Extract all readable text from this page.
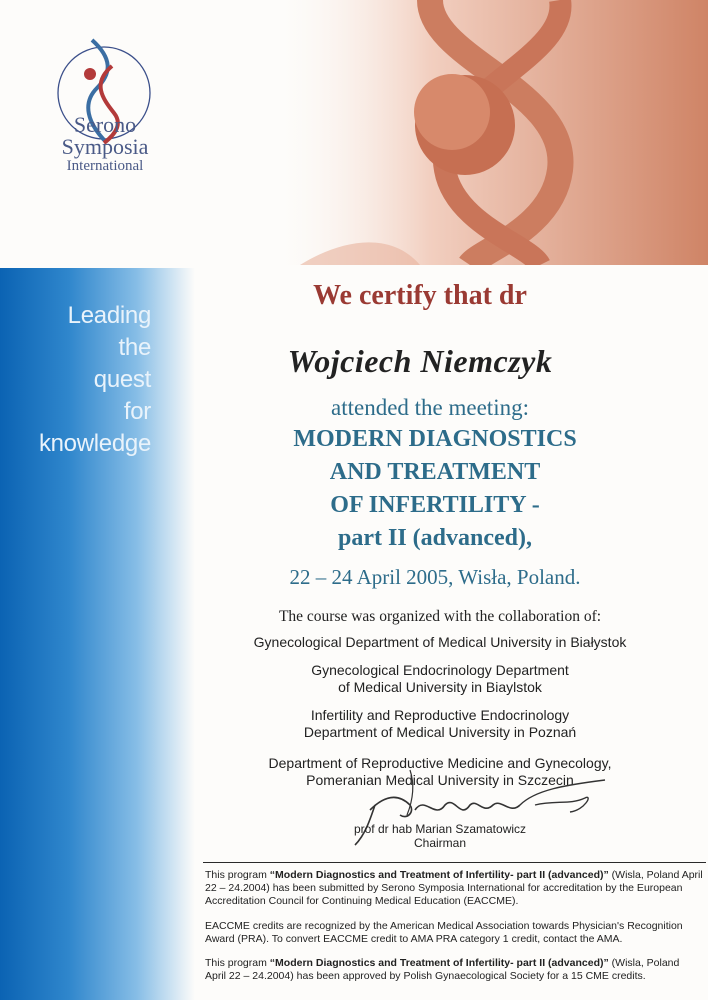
Serono
Symposia
International
Leading
the
quest
for
knowledge
We certify that dr
Wojciech Niemczyk
attended the meeting:
MODERN DIAGNOSTICS
AND TREATMENT
OF INFERTILITY -
part II (advanced),
22 – 24 April 2005, Wisła, Poland.
The course was organized with the collaboration of:
Gynecological Department of Medical University in Białystok
Gynecological Endocrinology Department
of Medical University in Biaylstok
Infertility and Reproductive Endocrinology
Department of Medical University in Poznań
Department of Reproductive Medicine and Gynecology,
Pomeranian Medical University in Szczecin
prof dr hab Marian Szamatowicz
Chairman
This program “Modern Diagnostics and Treatment of Infertility- part II (advanced)” (Wisla, Poland April
22 – 24.2004) has been submitted by Serono Symposia International for accreditation by the European
Accreditation Council for Continuing Medical Education (EACCME).
EACCME credits are recognized by the American Medical Association towards Physician's Recognition
Award (PRA). To convert EACCME credit to AMA PRA category 1 credit, contact the AMA.
This program “Modern Diagnostics and Treatment of Infertility- part II (advanced)” (Wisla, Poland
April 22 – 24.2004) has been approved by Polish Gynaecological Society for a 15 CME credits.
